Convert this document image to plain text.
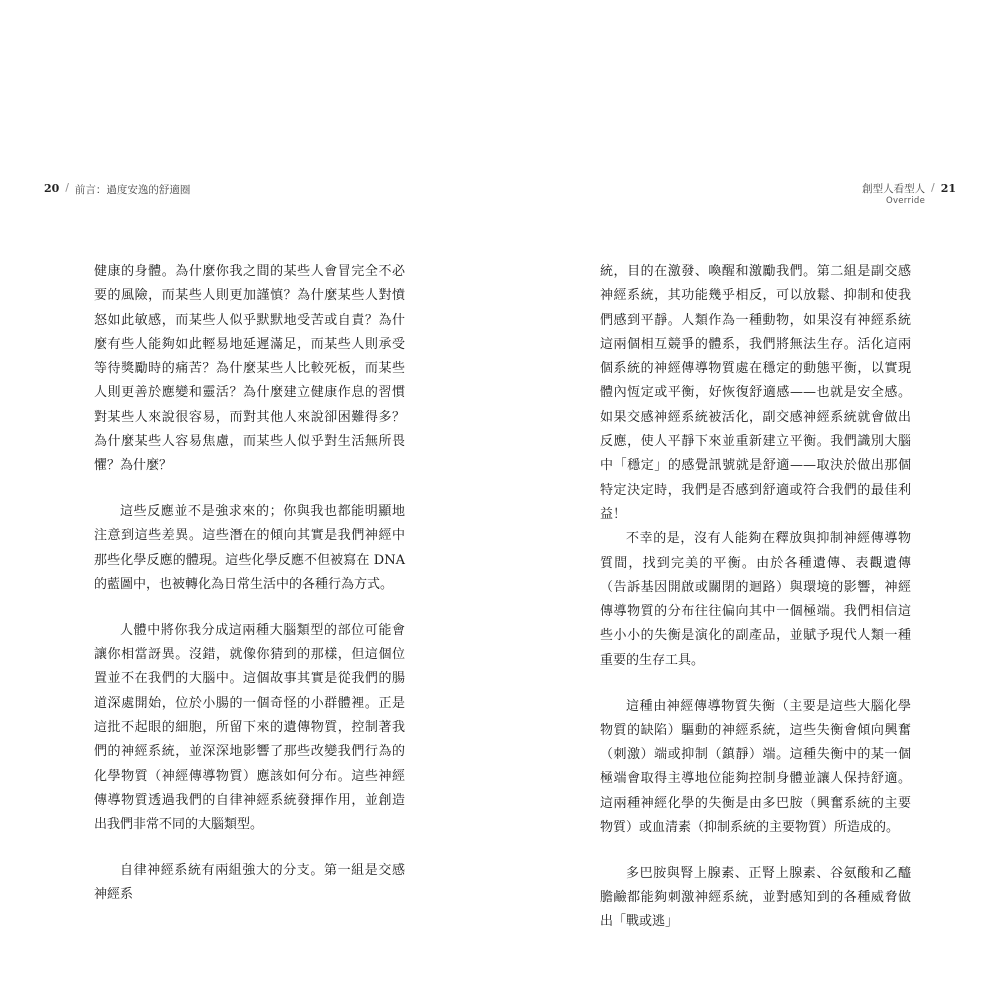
20 / 前言：過度安逸的舒適圈

健康的身體。為什麼你我之間的某些人會冒完全不必要的風險，而某些人則更加謹慎？為什麼某些人對憤怒如此敏感，而某些人似乎默默地受苦或自責？為什麼有些人能夠如此輕易地延遲滿足，而某些人則承受等待獎勵時的痛苦？為什麼某些人比較死板，而某些人則更善於應變和靈活？為什麼建立健康作息的習慣對某些人來說很容易，而對其他人來說卻困難得多？為什麼某些人容易焦慮，而某些人似乎對生活無所畏懼？為什麼？

這些反應並不是強求來的；你與我也都能明顯地注意到這些差異。這些潛在的傾向其實是我們神經中那些化學反應的體現。這些化學反應不但被寫在 DNA 的藍圖中，也被轉化為日常生活中的各種行為方式。

人體中將你我分成這兩種大腦類型的部位可能會讓你相當訝異。沒錯，就像你猜到的那樣，但這個位置並不在我們的大腦中。這個故事其實是從我們的腸道深處開始，位於小腸的一個奇怪的小群體裡。正是這批不起眼的細胞，所留下來的遺傳物質，控制著我們的神經系統，並深深地影響了那些改變我們行為的化學物質（神經傳導物質）應該如何分布。這些神經傳導物質透過我們的自律神經系統發揮作用，並創造出我們非常不同的大腦類型。

自律神經系統有兩組強大的分支。第一組是交感神經系

創型人看型人
Override
/ 21

統，目的在激發、喚醒和激勵我們。第二組是副交感神經系統，其功能幾乎相反，可以放鬆、抑制和使我們感到平靜。人類作為一種動物，如果沒有神經系統這兩個相互競爭的體系，我們將無法生存。活化這兩個系統的神經傳導物質處在穩定的動態平衡，以實現體內恆定或平衡，好恢復舒適感——也就是安全感。如果交感神經系統被活化，副交感神經系統就會做出反應，使人平靜下來並重新建立平衡。我們識別大腦中「穩定」的感覺訊號就是舒適——取決於做出那個特定決定時，我們是否感到舒適或符合我們的最佳利益！

不幸的是，沒有人能夠在釋放與抑制神經傳導物質間，找到完美的平衡。由於各種遺傳、表觀遺傳（告訴基因開啟或關閉的迴路）與環境的影響，神經傳導物質的分布往往偏向其中一個極端。我們相信這些小小的失衡是演化的副產品，並賦予現代人類一種重要的生存工具。

這種由神經傳導物質失衡（主要是這些大腦化學物質的缺陷）驅動的神經系統，這些失衡會傾向興奮（刺激）端或抑制（鎮靜）端。這種失衡中的某一個極端會取得主導地位能夠控制身體並讓人保持舒適。這兩種神經化學的失衡是由多巴胺（興奮系統的主要物質）或血清素（抑制系統的主要物質）所造成的。

多巴胺與腎上腺素、正腎上腺素、谷氨酸和乙醯膽鹼都能夠刺激神經系統，並對感知到的各種威脅做出「戰或逃」
